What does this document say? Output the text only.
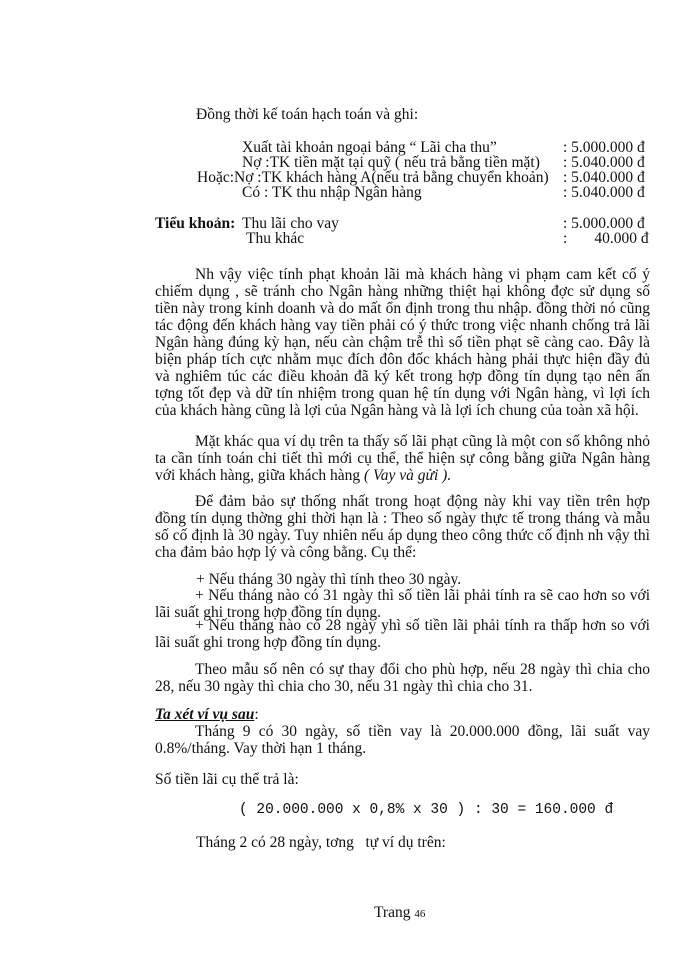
Đồng thời kế toán hạch toán và ghi:
Xuất tài khoản ngoại bảng “ Lãi cha thu”	: 5.000.000 đ
Nợ :TK tiền mặt tại quỹ ( nếu trả bằng tiền mặt) : 5.040.000 đ
Hoặc:Nợ :TK khách hàng A(nếu trả bằng chuyển khoản) : 5.040.000 đ
Có : TK thu nhập Ngân hàng	: 5.040.000 đ
Tiểu khoản: Thu lãi cho vay	: 5.000.000 đ
Thu khác	:       40.000 đ
Nh vậy việc tính phạt khoản lãi mà khách hàng vi phạm cam kết cố ý chiếm dụng , sẽ tránh cho Ngân hàng những thiệt hại không đợc sử dụng số tiền này trong kinh doanh và do mất ổn định trong thu nhập. đồng thời nó cũng tác động đến khách hàng vay tiền phải có ý thức trong việc nhanh chống trả lãi Ngân hàng đúng kỳ hạn, nếu càn chậm trễ thì số tiền phạt sẽ càng cao. Đây là biện pháp tích cực nhằm mục đích đôn đốc khách hàng phải thực hiện đầy đủ và nghiêm túc các điều khoản đã ký kết trong hợp đồng tín dụng tạo nên ấn tợng tốt đẹp và dữ tín nhiệm trong quan hệ tín dụng với Ngân hàng, vì lợi ích của khách hàng cũng là lợi của Ngân hàng và là lợi ích chung của toàn xã hội.
Mặt khác qua ví dụ trên ta thấy số lãi phạt cũng là một con số không nhỏ ta cần tính toán chi tiết thì mới cụ thể, thể hiện sự công bằng giữa Ngân hàng với khách hàng, giữa khách hàng ( Vay và gửi ).
Để đảm bảo sự thống nhất trong hoạt động này khi vay tiền trên hợp đồng tín dụng thờng ghi thời hạn là : Theo số ngày thực tế trong tháng và mẫu số cố định là 30 ngày. Tuy nhiên nếu áp dụng theo công thức cố định nh vậy thì cha đảm bảo hợp lý và công bằng. Cụ thể:
+ Nếu tháng 30 ngày thì tính theo 30 ngày.
+ Nếu tháng nào có 31 ngày thì số tiền lãi phải tính ra sẽ cao hơn so với lãi suất ghi trong hợp đồng tín dụng.
+ Nếu tháng nào có 28 ngày yhì số tiền lãi phải tính ra thấp hơn so với lãi suất ghi trong hợp đồng tín dụng.
Theo mẫu số nên có sự thay đổi cho phù hợp, nếu 28 ngày thì chia cho 28, nếu 30 ngày thì chia cho 30, nếu 31 ngày thì chia cho 31.
Ta xét ví vụ sau:
Tháng 9 có 30 ngày, số tiền vay là 20.000.000 đồng, lãi suất vay 0.8%/tháng. Vay thời hạn 1 tháng.
Số tiền lãi cụ thể trả là:
( 20.000.000 x 0,8% x 30 ) : 30 = 160.000 đ
Tháng 2 có 28 ngày, tơng   tự ví dụ trên:
Trang 46
